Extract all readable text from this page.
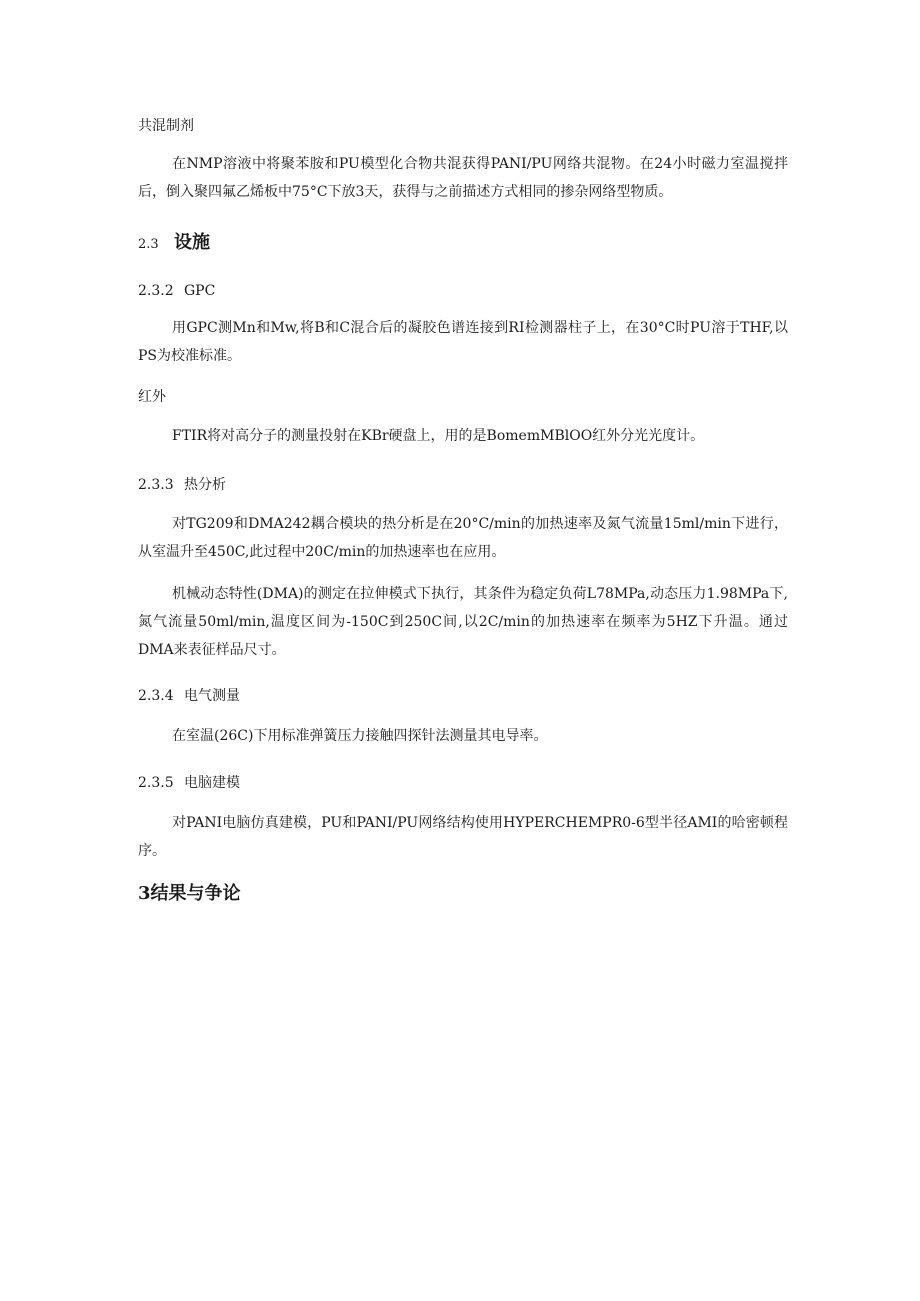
共混制剂

在NMP溶液中将聚苯胺和PU模型化合物共混获得PANI/PU网络共混物。在24小时磁力室温搅拌后，倒入聚四氟乙烯板中75°C下放3天，获得与之前描述方式相同的掺杂网络型物质。

2.3 设施

2.3.2 GPC

用GPC测Mn和Mw,将B和C混合后的凝胶色谱连接到RI检测器柱子上，在30°C时PU溶于THF,以PS为校准标准。

红外

FTIR将对高分子的测量投射在KBr硬盘上，用的是BomemMBlOO红外分光光度计。

2.3.3 热分析

对TG209和DMA242耦合模块的热分析是在20°C∕min的加热速率及氮气流量15ml∕min下进行，从室温升至450C,此过程中20C∕min的加热速率也在应用。

机械动态特性(DMA)的测定在拉伸模式下执行，其条件为稳定负荷L78MPa,动态压力1.98MPa下,氮气流量50ml∕min,温度区间为-150C到250C间,以2C∕min的加热速率在频率为5HZ下升温。通过DMA来表征样品尺寸。

2.3.4 电气测量

在室温(26C)下用标准弹簧压力接触四探针法测量其电导率。

2.3.5 电脑建模

对PANI电脑仿真建模，PU和PANI/PU网络结构使用HYPERCHEMPR0-6型半径AMI的哈密顿程序。

3结果与争论
